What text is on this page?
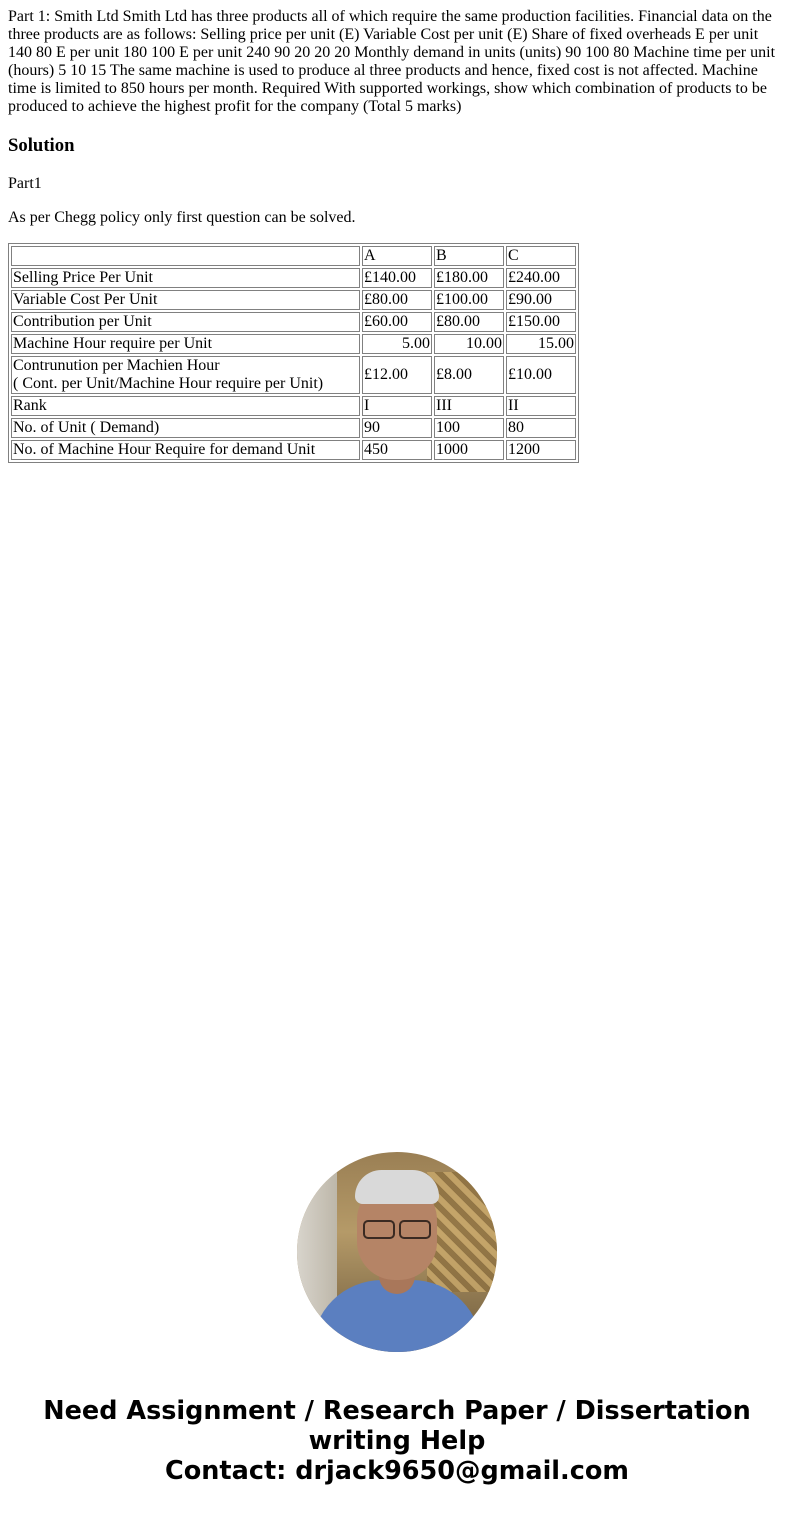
Part 1: Smith Ltd Smith Ltd has three products all of which require the same production facilities. Financial data on the three products are as follows: Selling price per unit (E) Variable Cost per unit (E) Share of fixed overheads E per unit 140 80 E per unit 180 100 E per unit 240 90 20 20 20 Monthly demand in units (units) 90 100 80 Machine time per unit (hours) 5 10 15 The same machine is used to produce al three products and hence, fixed cost is not affected. Machine time is limited to 850 hours per month. Required With supported workings, show which combination of products to be produced to achieve the highest profit for the company (Total 5 marks)

Solution

Part1

As per Chegg policy only first question can be solved.

	A	B	C
Selling Price Per Unit	£140.00	£180.00	£240.00
Variable Cost Per Unit	£80.00	£100.00	£90.00
Contribution per Unit	£60.00	£80.00	£150.00
Machine Hour require per Unit	5.00	10.00	15.00

Contrunution per Machien Hour
( Cont. per Unit/Machine Hour require per Unit)	£12.00	£8.00	£10.00
Rank	I	III	II
No. of Unit ( Demand)	90	100	80
No. of Machine Hour Require for demand Unit	450	1000	1200
Need Assignment / Research Paper / Dissertation
writing Help
Contact: drjack9650@gmail.com
